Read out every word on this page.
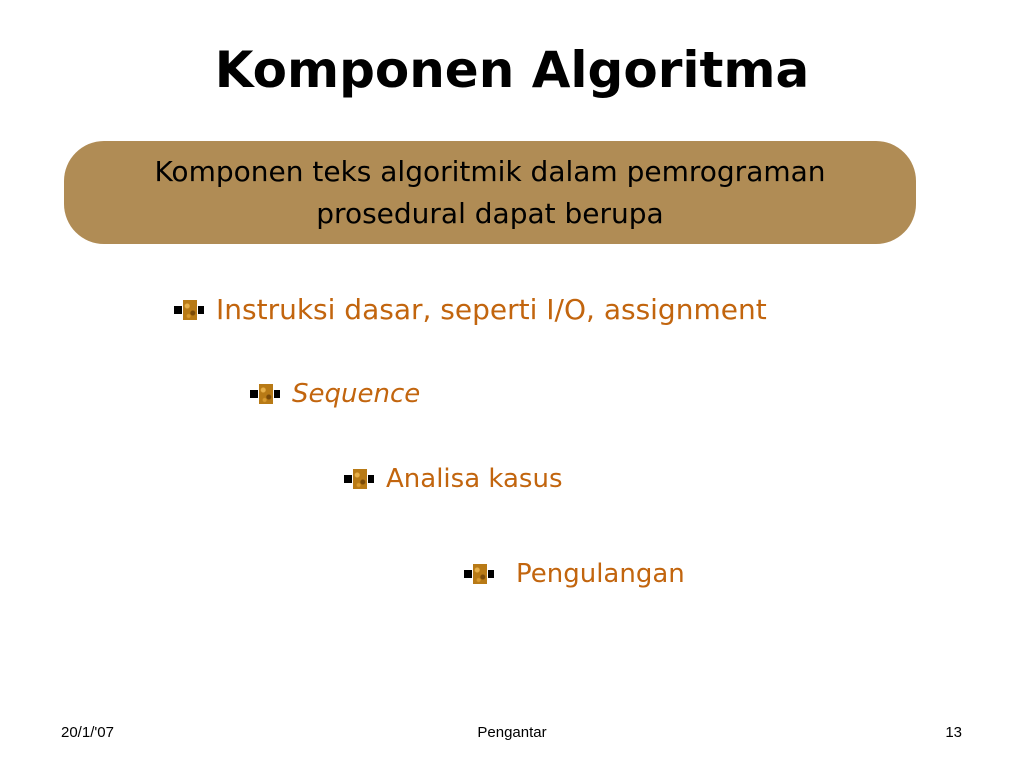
Komponen Algoritma
Komponen teks algoritmik dalam pemrograman prosedural dapat berupa
Instruksi dasar, seperti I/O, assignment
Sequence
Analisa kasus
Pengulangan
20/1/'07	Pengantar	13
